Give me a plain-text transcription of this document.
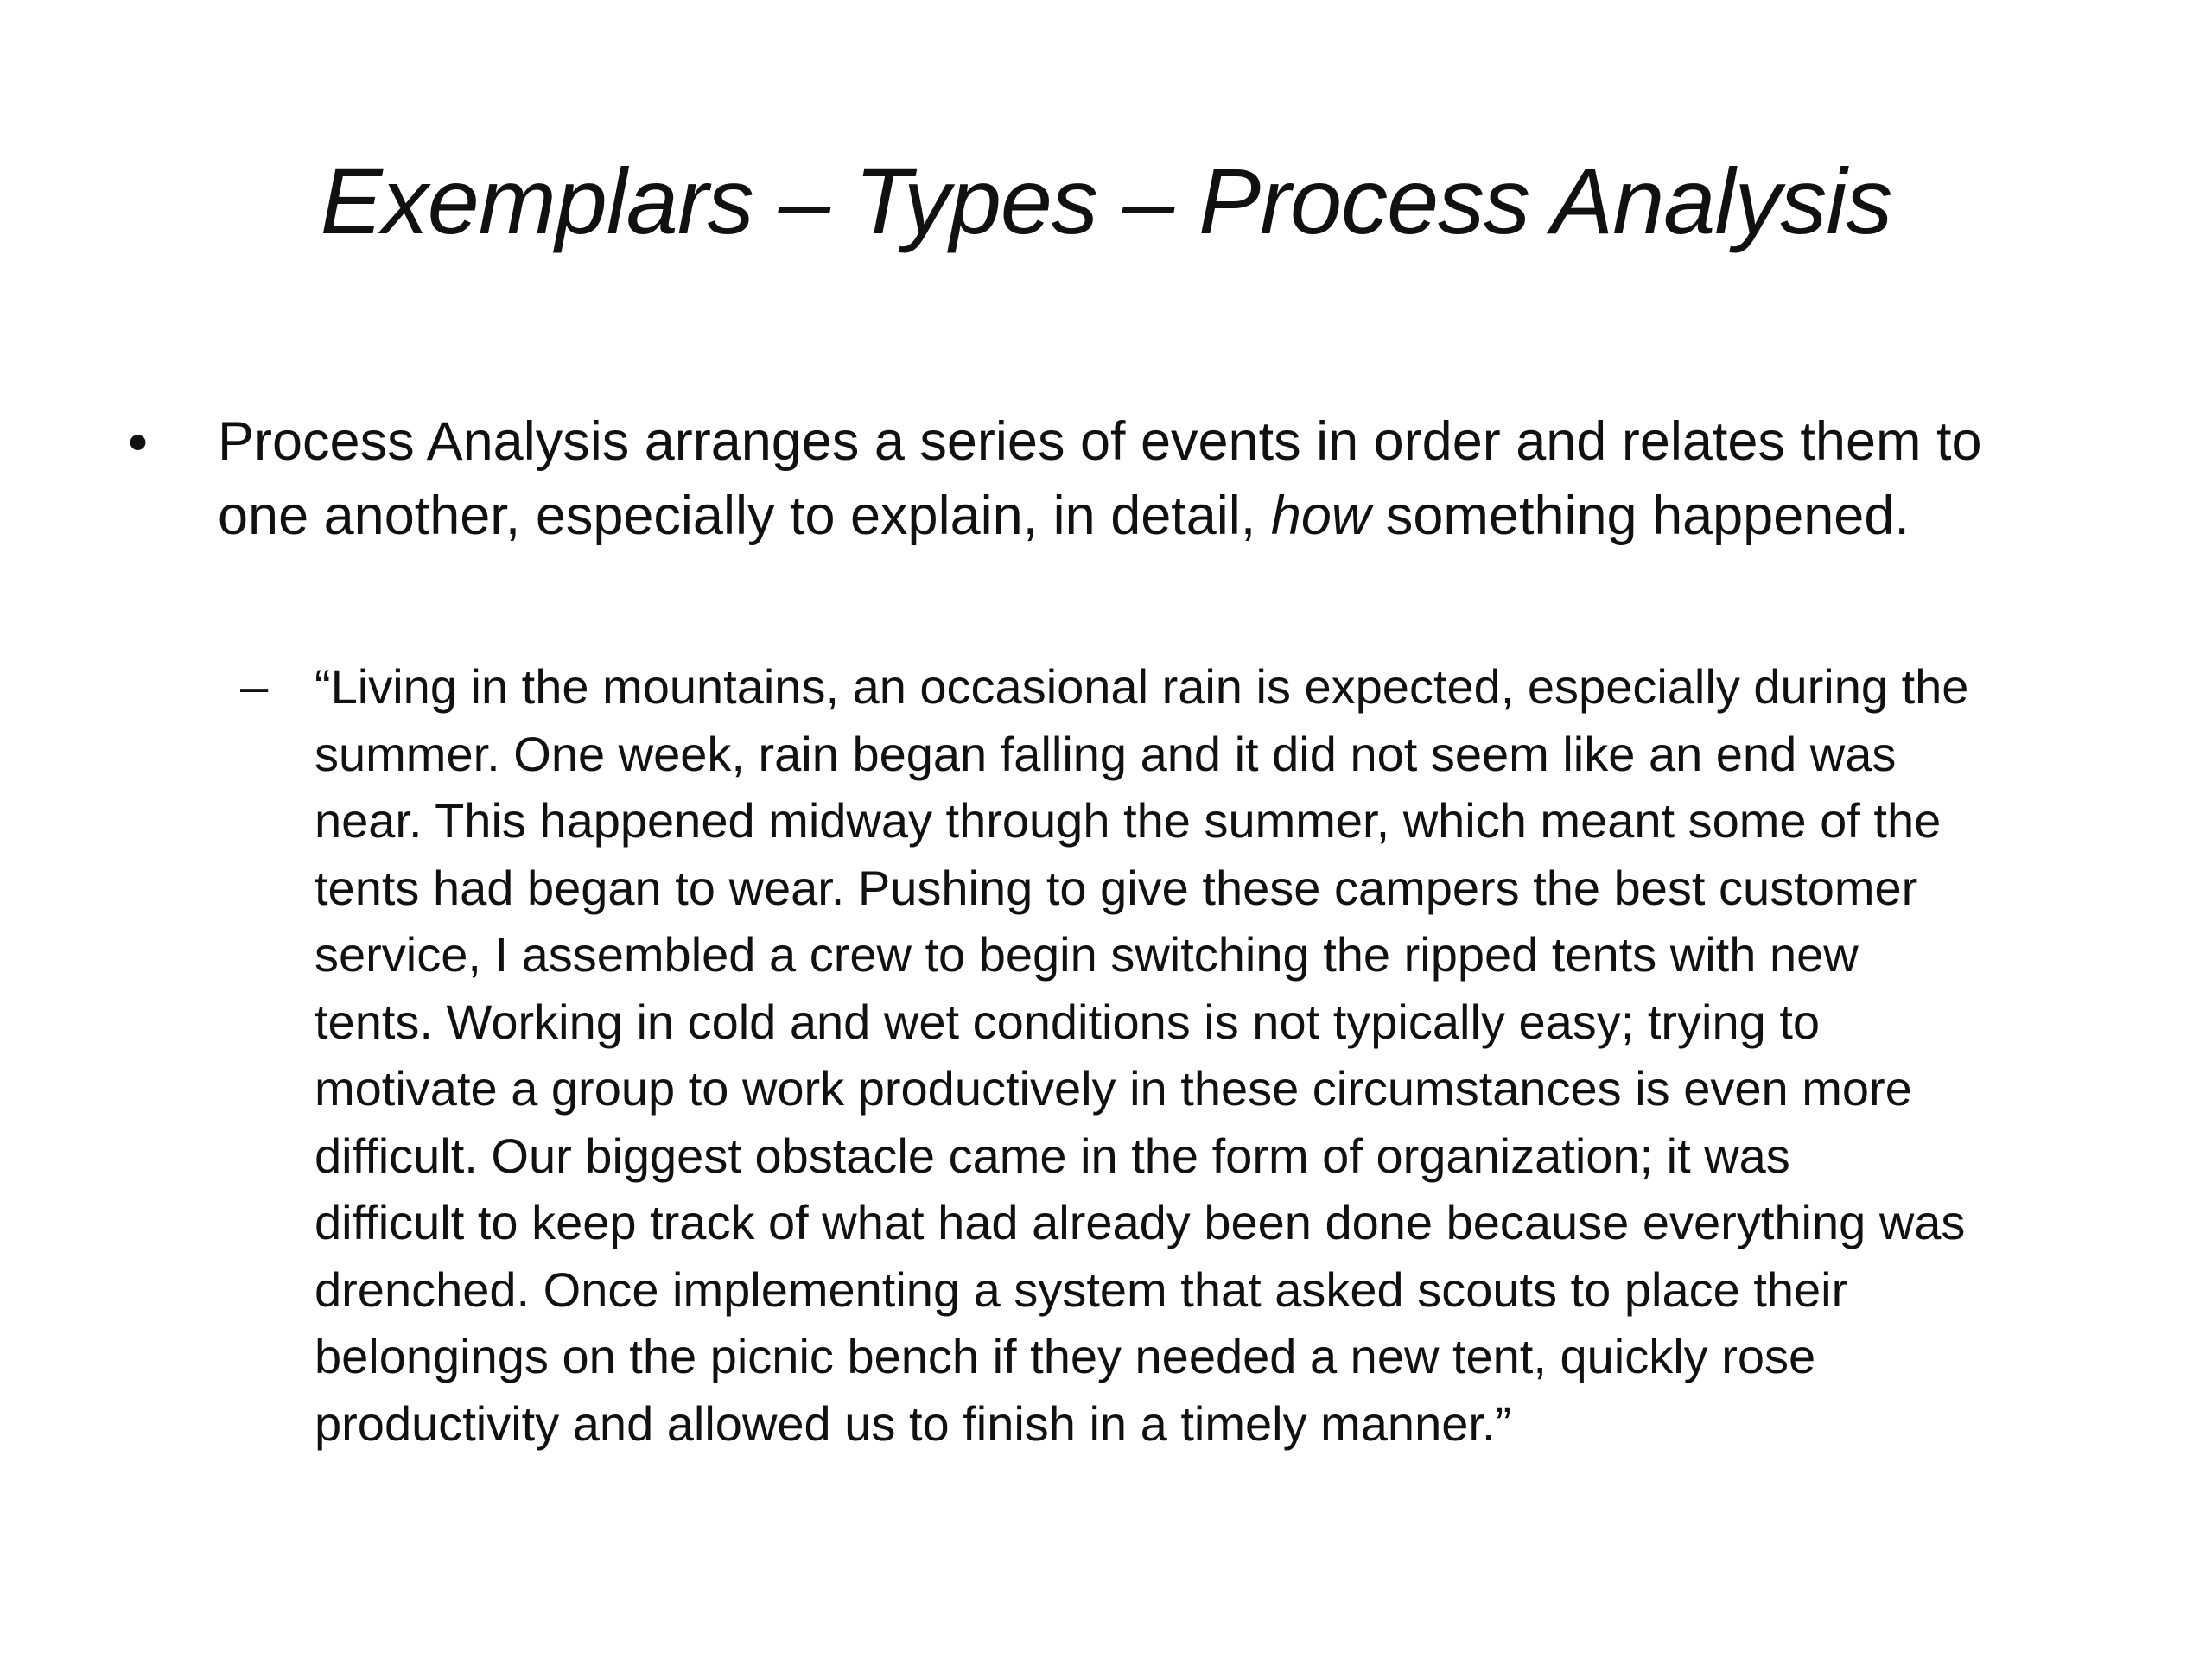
Exemplars – Types – Process Analysis
•	Process Analysis arranges a series of events in order and relates them to
one another, especially to explain, in detail, how something happened.
– “Living in the mountains, an occasional rain is expected, especially during the
summer. One week, rain began falling and it did not seem like an end was
near. This happened midway through the summer, which meant some of the
tents had began to wear. Pushing to give these campers the best customer
service, I assembled a crew to begin switching the ripped tents with new
tents. Working in cold and wet conditions is not typically easy; trying to
motivate a group to work productively in these circumstances is even more
difficult. Our biggest obstacle came in the form of organization; it was
difficult to keep track of what had already been done because everything was
drenched. Once implementing a system that asked scouts to place their
belongings on the picnic bench if they needed a new tent, quickly rose
productivity and allowed us to finish in a timely manner.”
